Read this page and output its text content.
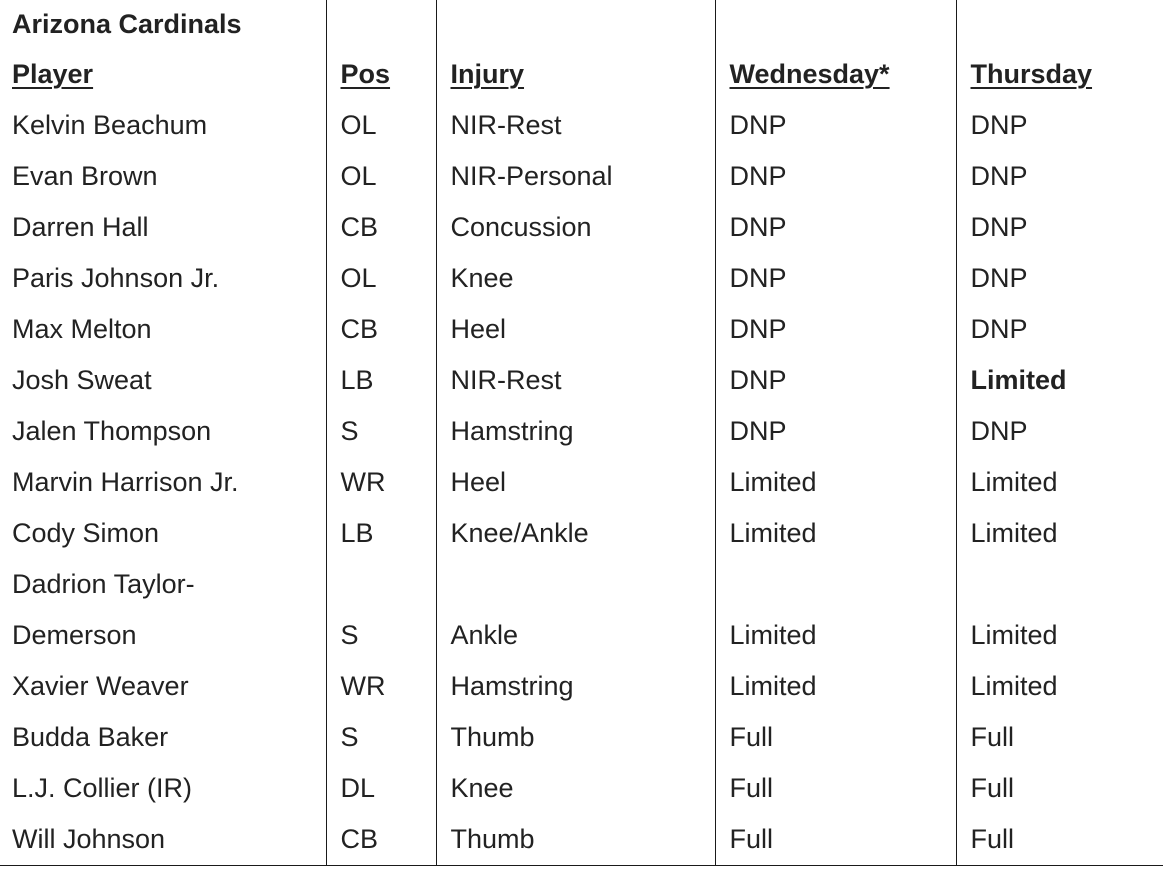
Arizona Cardinals				
Player	Pos	Injury	Wednesday*	Thursday
Kelvin Beachum	OL	NIR-Rest	DNP	DNP
Evan Brown	OL	NIR-Personal	DNP	DNP
Darren Hall	CB	Concussion	DNP	DNP
Paris Johnson Jr.	OL	Knee	DNP	DNP
Max Melton	CB	Heel	DNP	DNP
Josh Sweat	LB	NIR-Rest	DNP	Limited
Jalen Thompson	S	Hamstring	DNP	DNP
Marvin Harrison Jr.	WR	Heel	Limited	Limited
Cody Simon	LB	Knee/Ankle	Limited	Limited

Dadrion Taylor-
Demerson	S	Ankle	Limited	Limited
Xavier Weaver	WR	Hamstring	Limited	Limited
Budda Baker	S	Thumb	Full	Full
L.J. Collier (IR)	DL	Knee	Full	Full
Will Johnson	CB	Thumb	Full	Full
